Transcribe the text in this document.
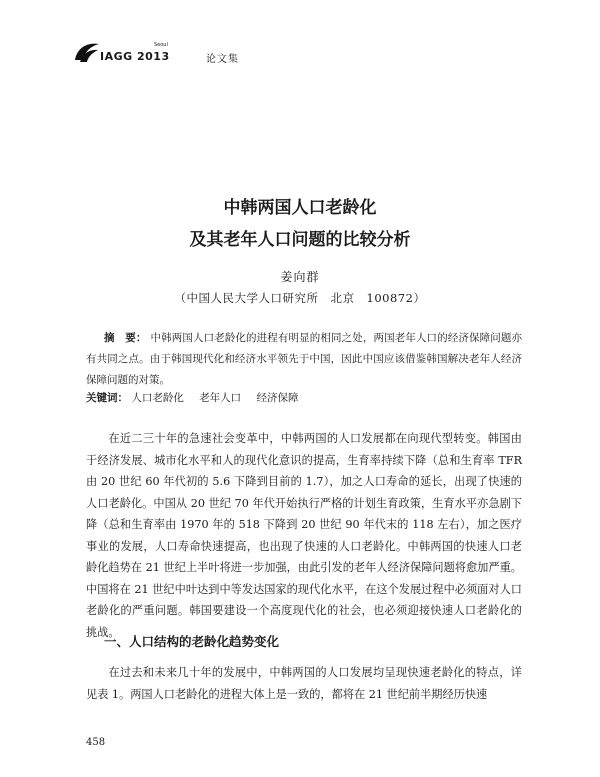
IAGG 2013
Seoul
论文集
中韩两国人口老龄化
及其老年人口问题的比较分析
姜向群
（中国人民大学人口研究所　北京　100872）
摘　要： 中韩两国人口老龄化的进程有明显的相同之处，两国老年人口的经济保障问题亦有共同之点。由于韩国现代化和经济水平领先于中国，因此中国应该借鉴韩国解决老年人经济保障问题的对策。
关键词： 人口老龄化 老年人口 经济保障

在近二三十年的急速社会变革中，中韩两国的人口发展都在向现代型转变。韩国由于经济发展、城市化水平和人的现代化意识的提高，生育率持续下降（总和生育率 TFR 由 20 世纪 60 年代初的 5.6 下降到目前的 1.7），加之人口寿命的延长，出现了快速的人口老龄化。中国从 20 世纪 70 年代开始执行严格的计划生育政策，生育水平亦急剧下降（总和生育率由 1970 年的 518 下降到 20 世纪 90 年代末的 118 左右），加之医疗事业的发展，人口寿命快速提高，也出现了快速的人口老龄化。中韩两国的快速人口老龄化趋势在 21 世纪上半叶将进一步加强，由此引发的老年人经济保障问题将愈加严重。中国将在 21 世纪中叶达到中等发达国家的现代化水平，在这个发展过程中必须面对人口老龄化的严重问题。韩国要建设一个高度现代化的社会，也必须迎接快速人口老龄化的挑战。

一、人口结构的老龄化趋势变化

在过去和未来几十年的发展中，中韩两国的人口发展均呈现快速老龄化的特点，详见表 1。两国人口老龄化的进程大体上是一致的，都将在 21 世纪前半期经历快速

458
